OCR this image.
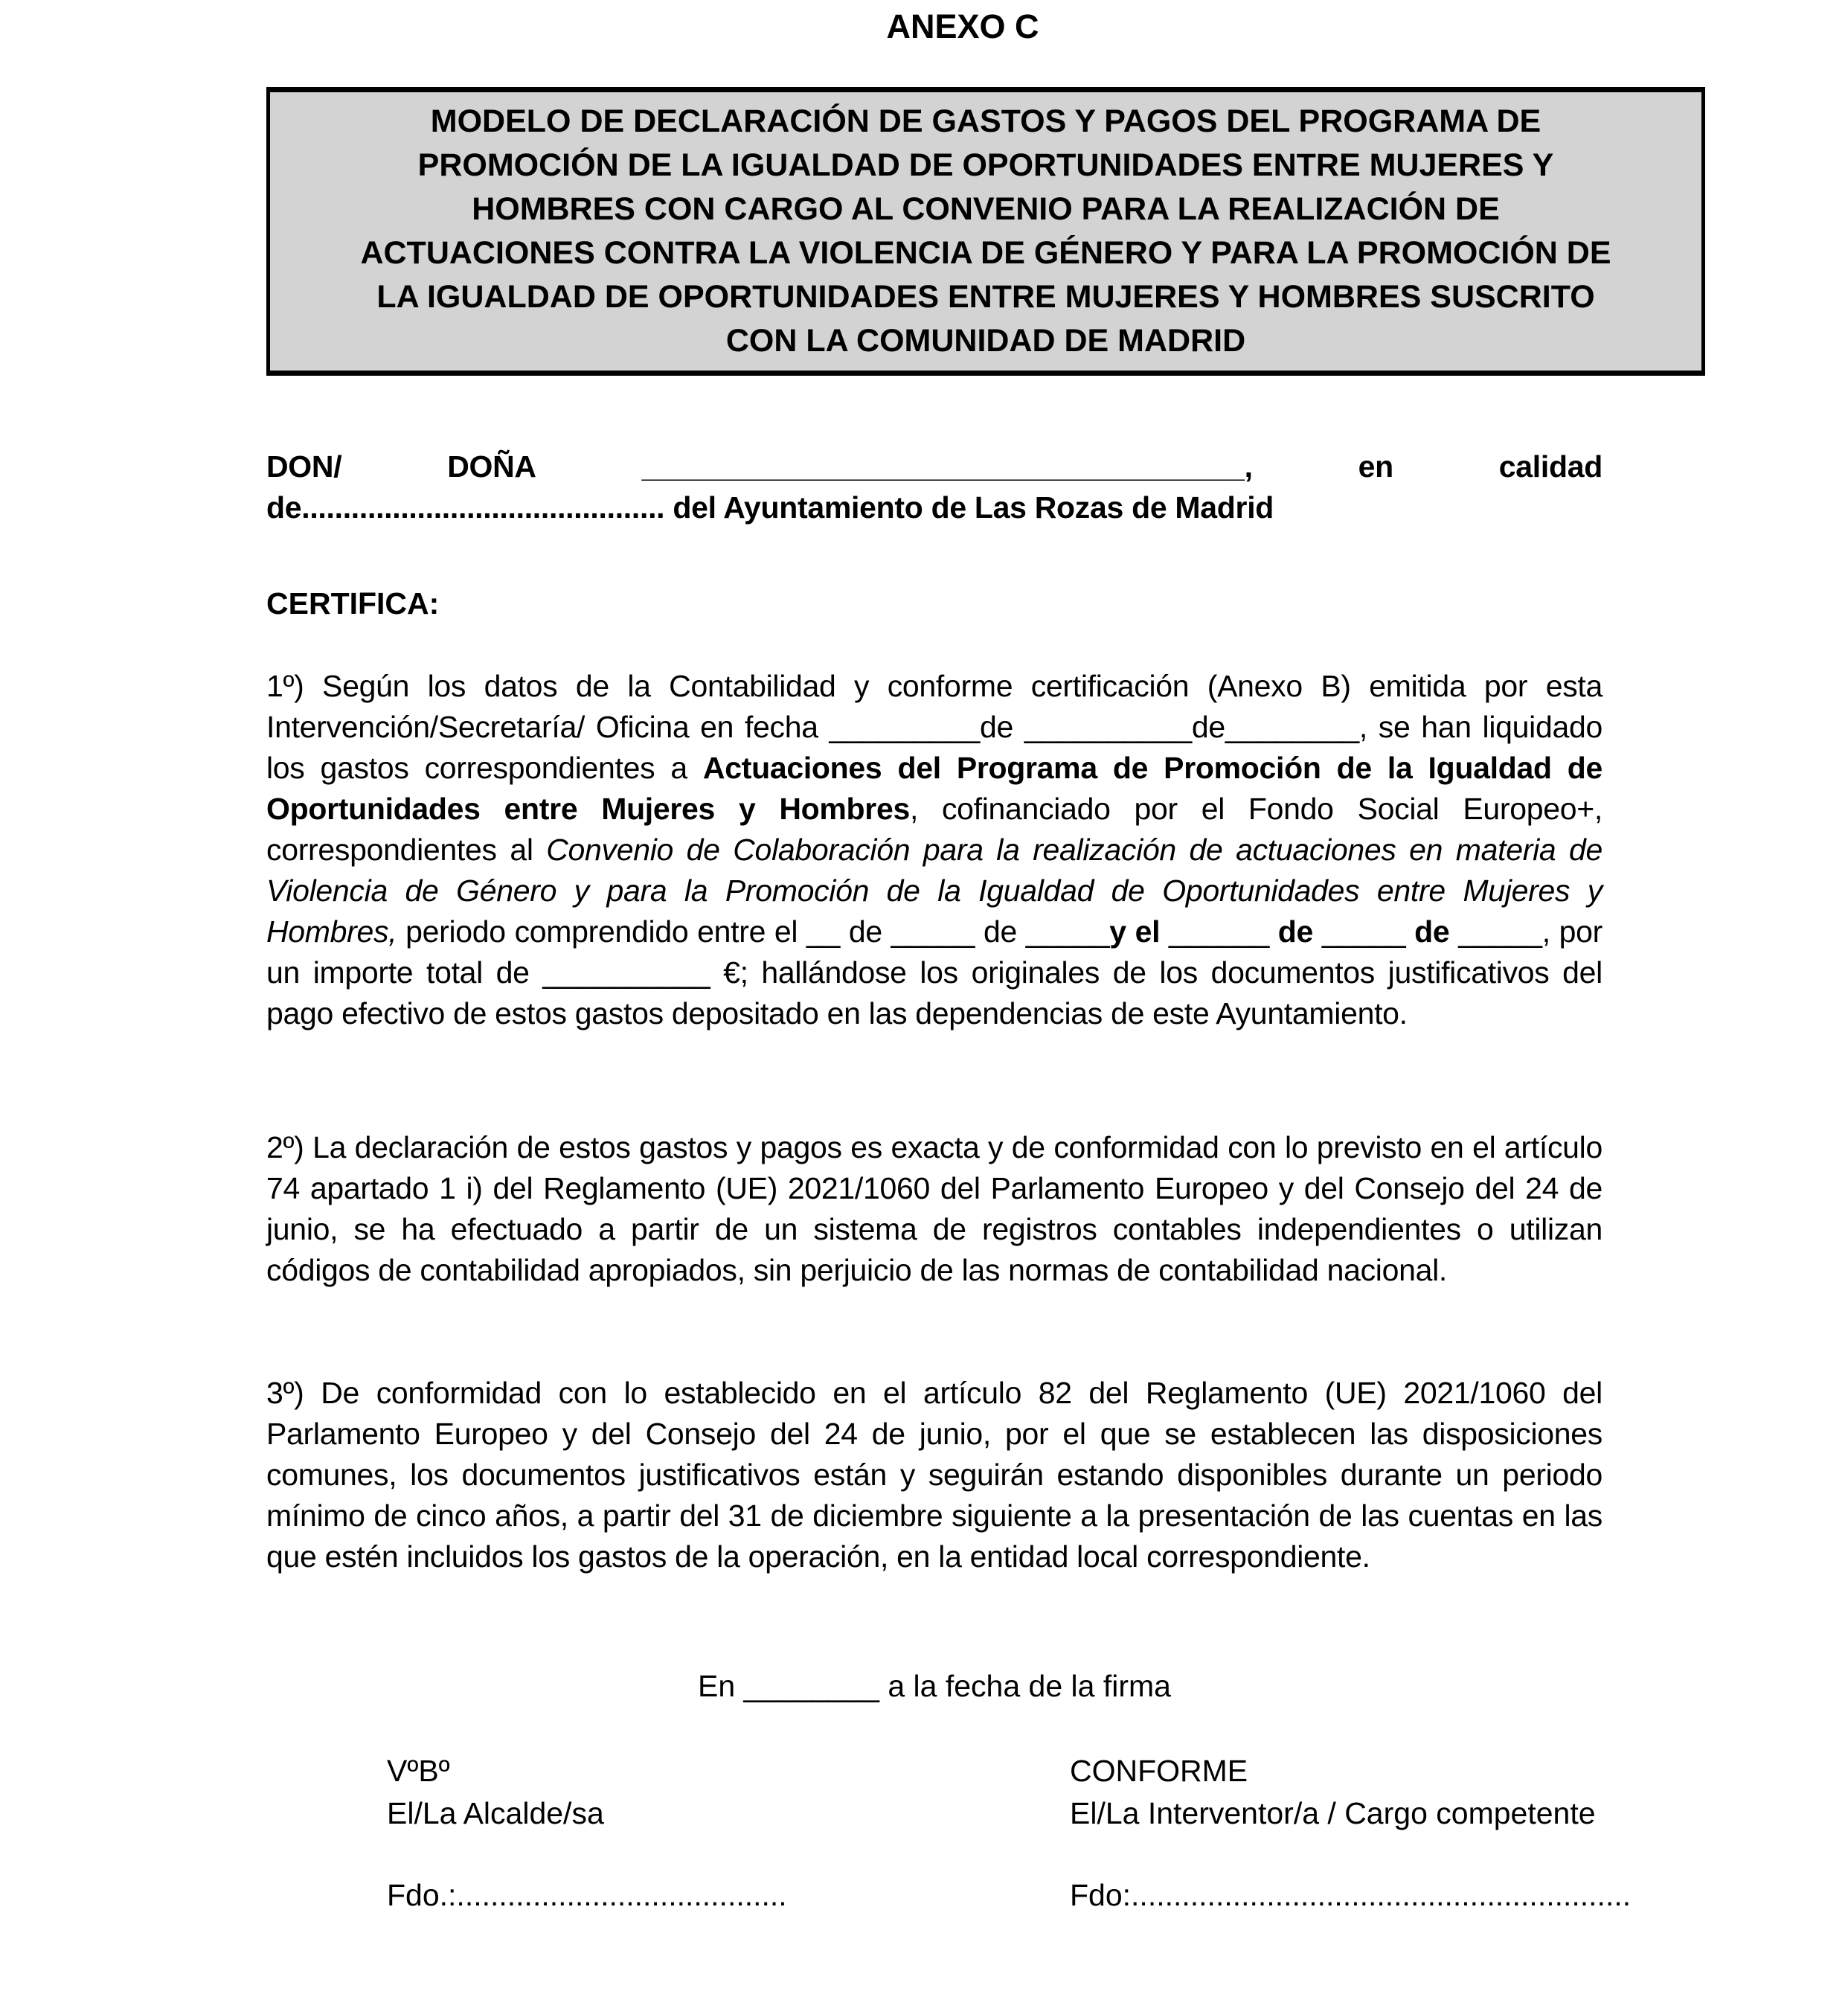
ANEXO C
MODELO DE DECLARACIÓN DE GASTOS Y PAGOS DEL PROGRAMA DE
PROMOCIÓN DE LA IGUALDAD DE OPORTUNIDADES ENTRE MUJERES Y
HOMBRES CON CARGO AL CONVENIO PARA LA REALIZACIÓN DE
ACTUACIONES CONTRA LA VIOLENCIA DE GÉNERO Y PARA LA PROMOCIÓN DE
LA IGUALDAD DE OPORTUNIDADES ENTRE MUJERES Y HOMBRES SUSCRITO
CON LA COMUNIDAD DE MADRID
DON/	DOÑA	____________________________________,	en	calidad
de............................................ del Ayuntamiento de Las Rozas de Madrid
CERTIFICA:

1º) Según los datos de la Contabilidad y conforme certificación (Anexo B) emitida por esta Intervención/Secretaría/ Oficina en fecha _________de __________de________, se han liquidado los gastos correspondientes a Actuaciones del Programa de Promoción de la Igualdad de Oportunidades entre Mujeres y Hombres, cofinanciado por el Fondo Social Europeo+, correspondientes al Convenio de Colaboración para la realización de actuaciones en materia de Violencia de Género y para la Promoción de la Igualdad de Oportunidades entre Mujeres y Hombres, periodo comprendido entre el __ de _____ de _____y el ______ de _____ de _____, por un importe total de __________ €; hallándose los originales de los documentos justificativos del pago efectivo de estos gastos depositado en las dependencias de este Ayuntamiento.

2º) La declaración de estos gastos y pagos es exacta y de conformidad con lo previsto en el artículo 74 apartado 1 i) del Reglamento (UE) 2021/1060 del Parlamento Europeo y del Consejo del 24 de junio, se ha efectuado a partir de un sistema de registros contables independientes o utilizan códigos de contabilidad apropiados, sin perjuicio de las normas de contabilidad nacional.

3º) De conformidad con lo establecido en el artículo 82 del Reglamento (UE) 2021/1060 del Parlamento Europeo y del Consejo del 24 de junio, por el que se establecen las disposiciones comunes, los documentos justificativos están y seguirán estando disponibles durante un periodo mínimo de cinco años, a partir del 31 de diciembre siguiente a la presentación de las cuentas en las que estén incluidos los gastos de la operación, en la entidad local correspondiente.

En ________ a la fecha de la firma
VºBº
El/La Alcalde/sa
CONFORME
El/La Interventor/a / Cargo competente
Fdo.:.......................................	Fdo:...........................................................
